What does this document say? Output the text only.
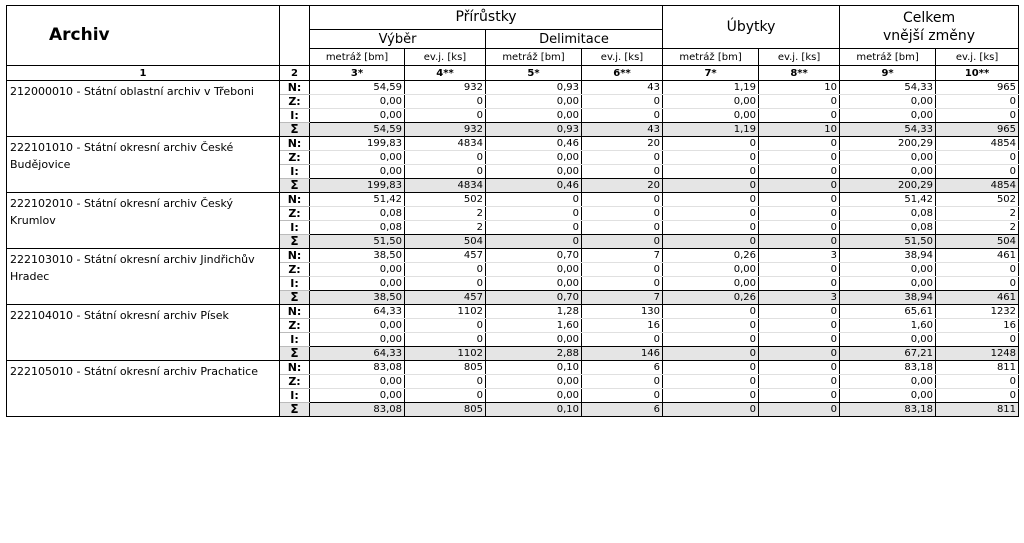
Archiv		Přírůstky				Úbytky		Celkem
vnější změny	
		Výběr		Delimitace					
		metráž [bm]	ev.j. [ks]	metráž [bm]	ev.j. [ks]	metráž [bm]	ev.j. [ks]	metráž [bm]	ev.j. [ks]
1	2	3*	4**	5*	6**	7*	8**	9*	10**
212000010 - Státní oblastní archiv v Třeboni	N:	54,59	932	0,93	43	1,19	10	54,33	965
	Z:	0,00	0	0,00	0	0,00	0	0,00	0
	I:	0,00	0	0,00	0	0,00	0	0,00	0
	Σ	54,59	932	0,93	43	1,19	10	54,33	965
222101010 - Státní okresní archiv České Budějovice	N:	199,83	4834	0,46	20	0	0	200,29	4854
	Z:	0,00	0	0,00	0	0	0	0,00	0
	I:	0,00	0	0,00	0	0	0	0,00	0
	Σ	199,83	4834	0,46	20	0	0	200,29	4854
222102010 - Státní okresní archiv Český Krumlov	N:	51,42	502	0	0	0	0	51,42	502
	Z:	0,08	2	0	0	0	0	0,08	2
	I:	0,08	2	0	0	0	0	0,08	2
	Σ	51,50	504	0	0	0	0	51,50	504
222103010 - Státní okresní archiv Jindřichův Hradec	N:	38,50	457	0,70	7	0,26	3	38,94	461
	Z:	0,00	0	0,00	0	0,00	0	0,00	0
	I:	0,00	0	0,00	0	0,00	0	0,00	0
	Σ	38,50	457	0,70	7	0,26	3	38,94	461
222104010 - Státní okresní archiv Písek	N:	64,33	1102	1,28	130	0	0	65,61	1232
	Z:	0,00	0	1,60	16	0	0	1,60	16
	I:	0,00	0	0,00	0	0	0	0,00	0
	Σ	64,33	1102	2,88	146	0	0	67,21	1248
222105010 - Státní okresní archiv Prachatice	N:	83,08	805	0,10	6	0	0	83,18	811
	Z:	0,00	0	0,00	0	0	0	0,00	0
	I:	0,00	0	0,00	0	0	0	0,00	0
	Σ	83,08	805	0,10	6	0	0	83,18	811
